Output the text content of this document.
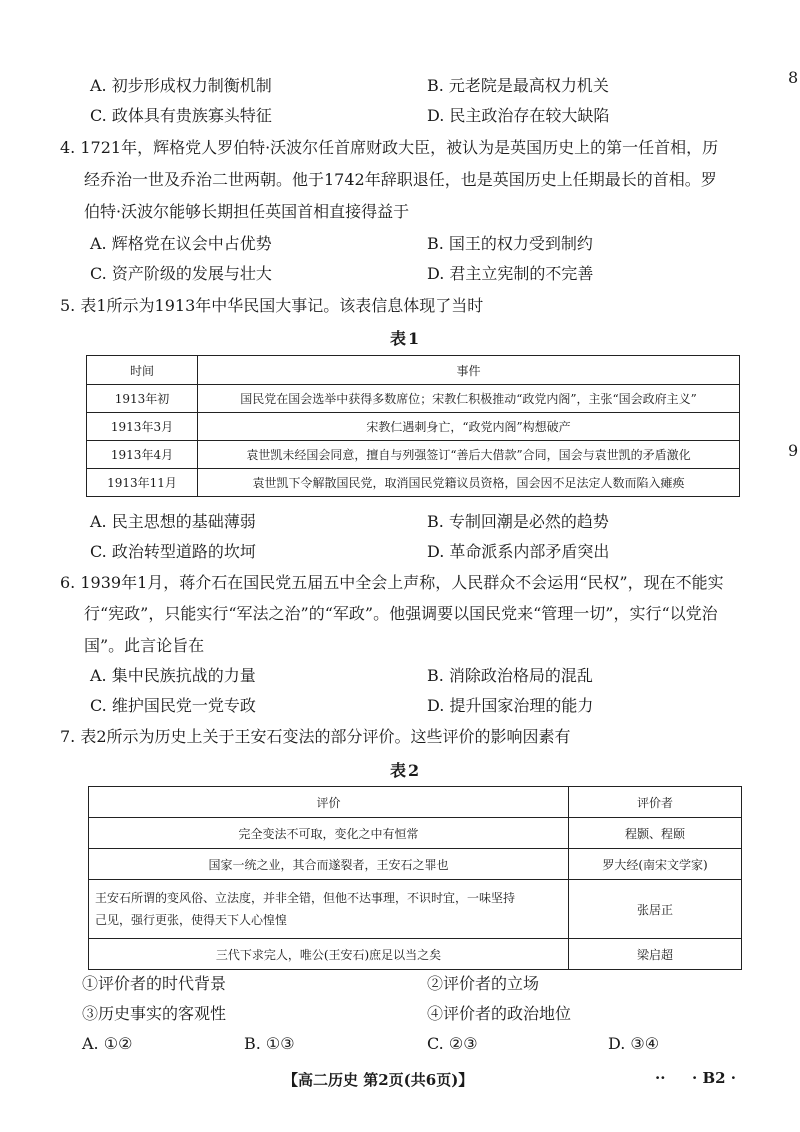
8
9
A. 初步形成权力制衡机制	B. 元老院是最高权力机关
C. 政体具有贵族寡头特征	D. 民主政治存在较大缺陷
4. 1721年，辉格党人罗伯特·沃波尔任首席财政大臣，被认为是英国历史上的第一任首相，历
经乔治一世及乔治二世两朝。他于1742年辞职退任，也是英国历史上任期最长的首相。罗
伯特·沃波尔能够长期担任英国首相直接得益于
A. 辉格党在议会中占优势	B. 国王的权力受到制约
C. 资产阶级的发展与壮大	D. 君主立宪制的不完善
5. 表1所示为1913年中华民国大事记。该表信息体现了当时
表1
时间	事件
1913年初	国民党在国会选举中获得多数席位；宋教仁积极推动“政党内阁”，主张“国会政府主义”
1913年3月	宋教仁遇刺身亡，“政党内阁”构想破产
1913年4月	袁世凯未经国会同意，擅自与列强签订“善后大借款”合同，国会与袁世凯的矛盾激化
1913年11月	袁世凯下令解散国民党，取消国民党籍议员资格，国会因不足法定人数而陷入瘫痪
A. 民主思想的基础薄弱	B. 专制回潮是必然的趋势
C. 政治转型道路的坎坷	D. 革命派系内部矛盾突出
6. 1939年1月，蒋介石在国民党五届五中全会上声称，人民群众不会运用“民权”，现在不能实
行“宪政”，只能实行“军法之治”的“军政”。他强调要以国民党来“管理一切”，实行“以党治
国”。此言论旨在
A. 集中民族抗战的力量	B. 消除政治格局的混乱
C. 维护国民党一党专政	D. 提升国家治理的能力
7. 表2所示为历史上关于王安石变法的部分评价。这些评价的影响因素有
表2
评价	评价者
完全变法不可取，变化之中有恒常	程颢、程颐
国家一统之业，其合而遂裂者，王安石之罪也	罗大经(南宋文学家)

王安石所谓的变风俗、立法度，并非全错，但他不达事理，不识时宜，一味坚持
己见，强行更张，使得天下人心惶惶	张居正
三代下求完人，唯公(王安石)庶足以当之矣	梁启超
①评价者的时代背景	②评价者的立场
③历史事实的客观性	④评价者的政治地位
A. ①②	B. ①③	C. ②③	D. ③④
【高二历史 第2页(共6页)】	·· · B2 ·
